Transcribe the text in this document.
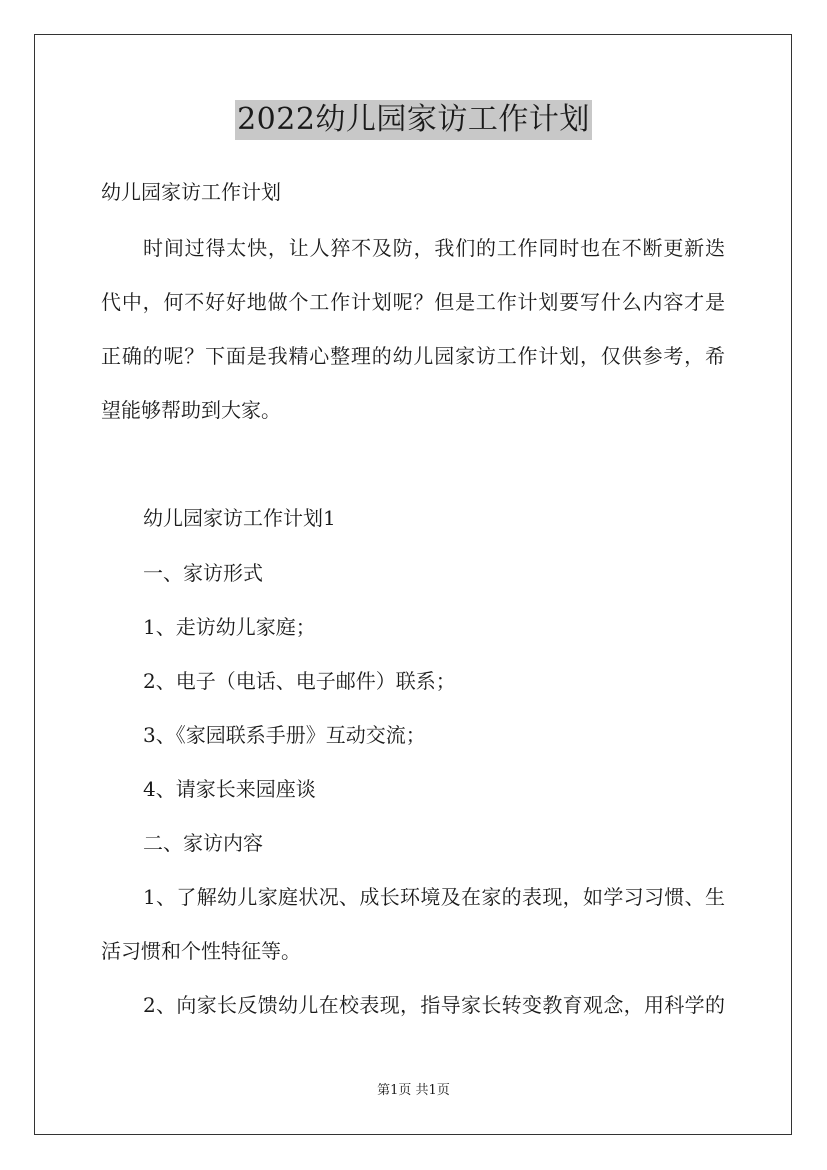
2022幼儿园家访工作计划
幼儿园家访工作计划
时间过得太快，让人猝不及防，我们的工作同时也在不断更新迭
代中，何不好好地做个工作计划呢？但是工作计划要写什么内容才是
正确的呢？下面是我精心整理的幼儿园家访工作计划，仅供参考，希
望能够帮助到大家。
幼儿园家访工作计划1
一、家访形式
1、走访幼儿家庭；
2、电子（电话、电子邮件）联系；
3、《家园联系手册》互动交流；
4、请家长来园座谈
二、家访内容
1、了解幼儿家庭状况、成长环境及在家的表现，如学习习惯、生
活习惯和个性特征等。
2、向家长反馈幼儿在校表现，指导家长转变教育观念，用科学的
第1页 共1页
